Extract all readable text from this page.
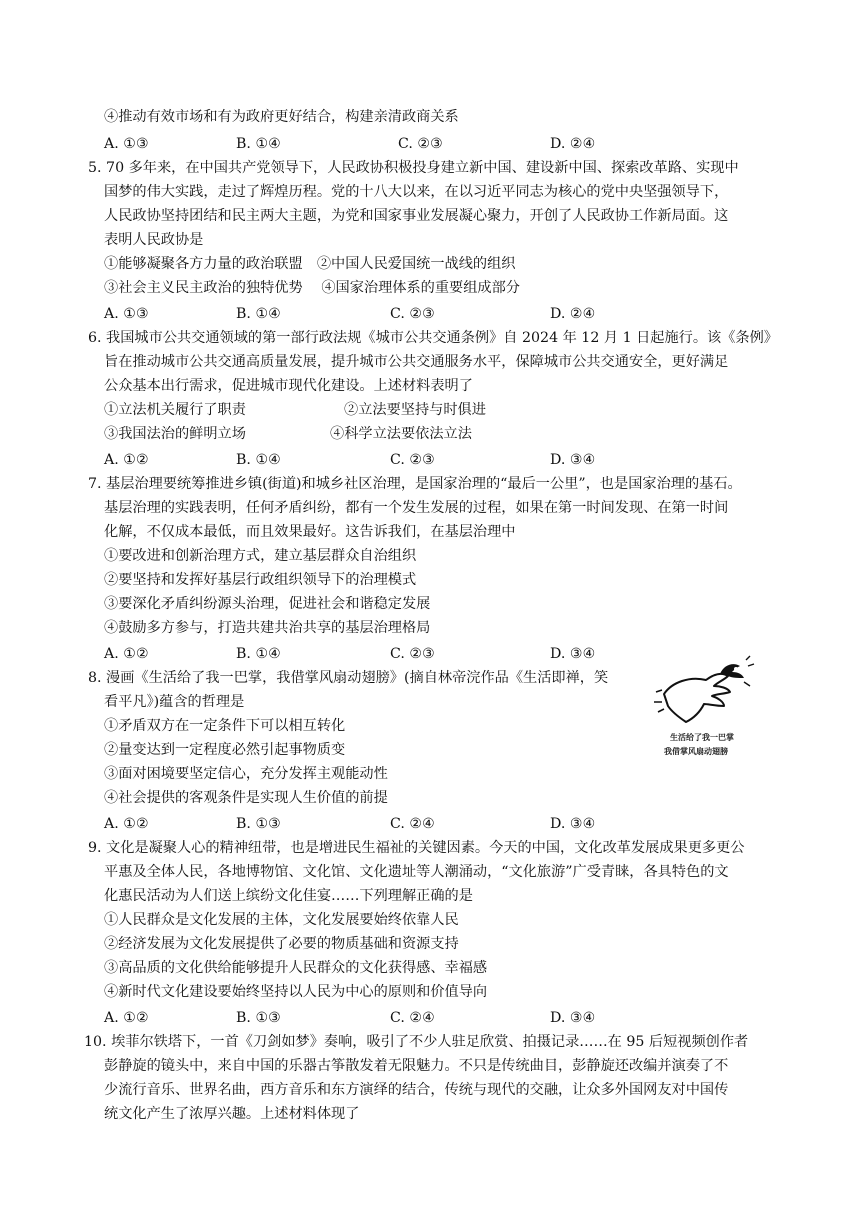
④推动有效市场和有为政府更好结合，构建亲清政商关系
A. ①③	B. ①④	C. ②③	D. ②④
5. 70 多年来，在中国共产党领导下，人民政协积极投身建立新中国、建设新中国、探索改革路、实现中
国梦的伟大实践，走过了辉煌历程。党的十八大以来，在以习近平同志为核心的党中央坚强领导下，
人民政协坚持团结和民主两大主题，为党和国家事业发展凝心聚力，开创了人民政协工作新局面。这
表明人民政协是
①能够凝聚各方力量的政治联盟　②中国人民爱国统一战线的组织
③社会主义民主政治的独特优势　 ④国家治理体系的重要组成部分
A. ①③	B. ①④	C. ②③	D. ②④
6. 我国城市公共交通领域的第一部行政法规《城市公共交通条例》自 2024 年 12 月 1 日起施行。该《条例》
旨在推动城市公共交通高质量发展，提升城市公共交通服务水平，保障城市公共交通安全，更好满足
公众基本出行需求，促进城市现代化建设。上述材料表明了
①立法机关履行了职责	②立法要坚持与时俱进
③我国法治的鲜明立场	④科学立法要依法立法
A. ①②	B. ①④	C. ②③	D. ③④
7. 基层治理要统筹推进乡镇(街道)和城乡社区治理，是国家治理的“最后一公里”，也是国家治理的基石。
基层治理的实践表明，任何矛盾纠纷，都有一个发生发展的过程，如果在第一时间发现、在第一时间
化解，不仅成本最低，而且效果最好。这告诉我们，在基层治理中
①要改进和创新治理方式，建立基层群众自治组织
②要坚持和发挥好基层行政组织领导下的治理模式
③要深化矛盾纠纷源头治理，促进社会和谐稳定发展
④鼓励多方参与，打造共建共治共享的基层治理格局
A. ①②	B. ①④	C. ②③	D. ③④
8. 漫画《生活给了我一巴掌，我借掌风扇动翅膀》(摘自林帝浣作品《生活即禅，笑
看平凡》)蕴含的哲理是
①矛盾双方在一定条件下可以相互转化
②量变达到一定程度必然引起事物质变
③面对困境要坚定信心，充分发挥主观能动性
④社会提供的客观条件是实现人生价值的前提
A. ①②	B. ①③	C. ②④	D. ③④
生活给了我一巴掌
我借掌风扇动翅膀
9. 文化是凝聚人心的精神纽带，也是增进民生福祉的关键因素。今天的中国，文化改革发展成果更多更公
平惠及全体人民，各地博物馆、文化馆、文化遗址等人潮涌动，“文化旅游”广受青睐，各具特色的文
化惠民活动为人们送上缤纷文化佳宴……下列理解正确的是
①人民群众是文化发展的主体，文化发展要始终依靠人民
②经济发展为文化发展提供了必要的物质基础和资源支持
③高品质的文化供给能够提升人民群众的文化获得感、幸福感
④新时代文化建设要始终坚持以人民为中心的原则和价值导向
A. ①②	B. ①③	C. ②④	D. ③④
10. 埃菲尔铁塔下，一首《刀剑如梦》奏响，吸引了不少人驻足欣赏、拍摄记录……在 95 后短视频创作者
彭静旋的镜头中，来自中国的乐器古筝散发着无限魅力。不只是传统曲目，彭静旋还改编并演奏了不
少流行音乐、世界名曲，西方音乐和东方演绎的结合，传统与现代的交融，让众多外国网友对中国传
统文化产生了浓厚兴趣。上述材料体现了
